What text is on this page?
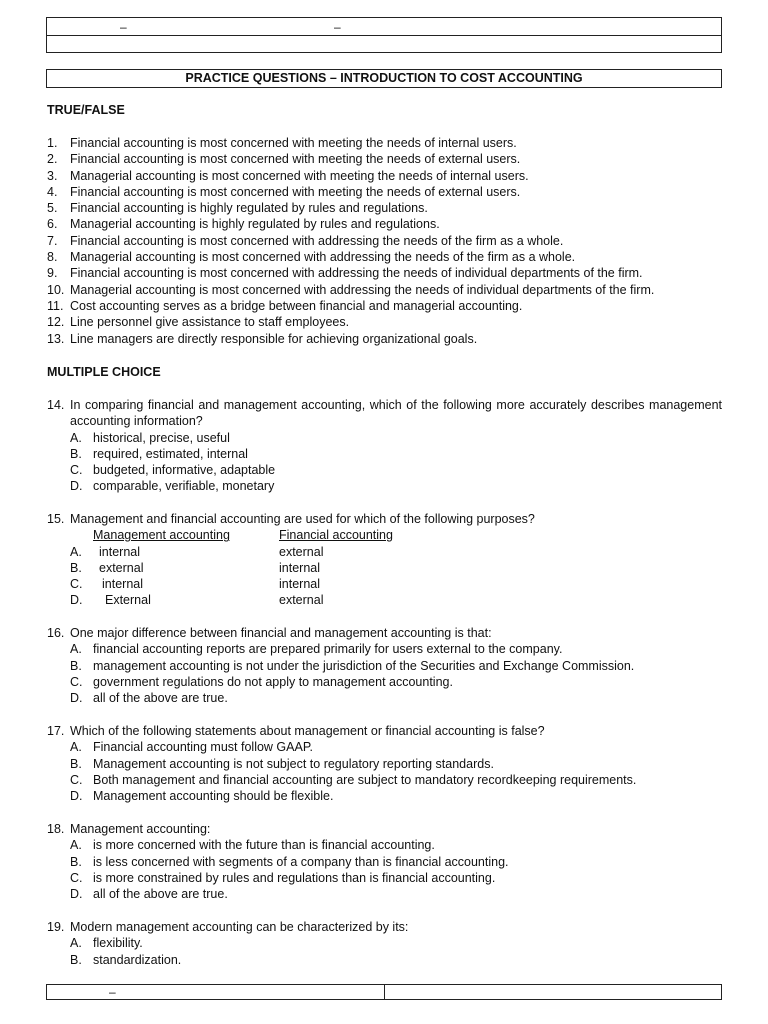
–	–
PRACTICE QUESTIONS – INTRODUCTION TO COST ACCOUNTING
TRUE/FALSE
1.	Financial accounting is most concerned with meeting the needs of internal users.
2.	Financial accounting is most concerned with meeting the needs of external users.
3.	Managerial accounting is most concerned with meeting the needs of internal users.
4.	Financial accounting is most concerned with meeting the needs of external users.
5.	Financial accounting is highly regulated by rules and regulations.
6.	Managerial accounting is highly regulated by rules and regulations.
7.	Financial accounting is most concerned with addressing the needs of the firm as a whole.
8.	Managerial accounting is most concerned with addressing the needs of the firm as a whole.
9.	Financial accounting is most concerned with addressing the needs of individual departments of the firm.
10. Managerial accounting is most concerned with addressing the needs of individual departments of the firm.
11. Cost accounting serves as a bridge between financial and managerial accounting.
12. Line personnel give assistance to staff employees.
13. Line managers are directly responsible for achieving organizational goals.
MULTIPLE CHOICE
14. In comparing financial and management accounting, which of the following more accurately describes management accounting information?
A. historical, precise, useful
B. required, estimated, internal
C. budgeted, informative, adaptable
D. comparable, verifiable, monetary
15. Management and financial accounting are used for which of the following purposes?
Management accounting	Financial accounting
A.	internal	external
B.	external	internal
C.	internal	internal
D.	External	external
16. One major difference between financial and management accounting is that:
A. financial accounting reports are prepared primarily for users external to the company.
B. management accounting is not under the jurisdiction of the Securities and Exchange Commission.
C. government regulations do not apply to management accounting.
D. all of the above are true.
17. Which of the following statements about management or financial accounting is false?
A. Financial accounting must follow GAAP.
B. Management accounting is not subject to regulatory reporting standards.
C. Both management and financial accounting are subject to mandatory recordkeeping requirements.
D. Management accounting should be flexible.
18. Management accounting:
A. is more concerned with the future than is financial accounting.
B. is less concerned with segments of a company than is financial accounting.
C. is more constrained by rules and regulations than is financial accounting.
D. all of the above are true.
19. Modern management accounting can be characterized by its:
A. flexibility.
B. standardization.
–
